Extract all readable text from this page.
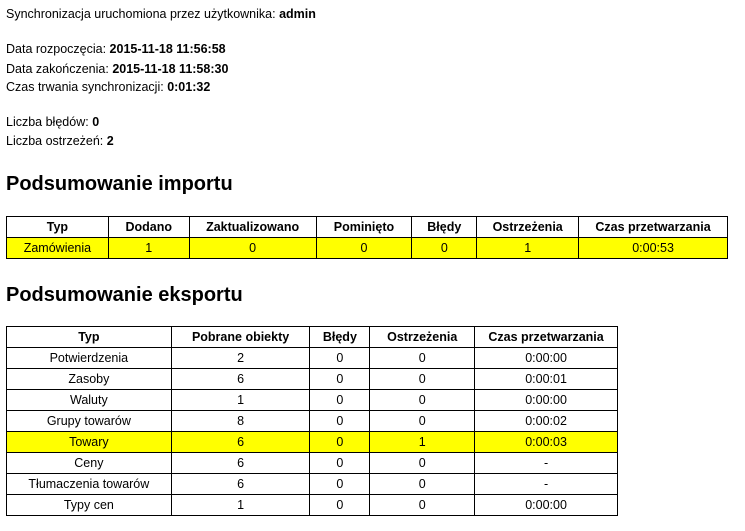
Synchronizacja uruchomiona przez użytkownika: admin
Data rozpoczęcia: 2015-11-18 11:56:58
Data zakończenia: 2015-11-18 11:58:30
Czas trwania synchronizacji: 0:01:32
Liczba błędów: 0
Liczba ostrzeżeń: 2
Podsumowanie importu
Typ	Dodano	Zaktualizowano	Pominięto	Błędy	Ostrzeżenia	Czas przetwarzania
Zamówienia	1	0	0	0	1	0:00:53
Podsumowanie eksportu
Typ	Pobrane obiekty	Błędy	Ostrzeżenia	Czas przetwarzania
Potwierdzenia	2	0	0	0:00:00
Zasoby	6	0	0	0:00:01
Waluty	1	0	0	0:00:00
Grupy towarów	8	0	0	0:00:02
Towary	6	0	1	0:00:03
Ceny	6	0	0	-
Tłumaczenia towarów	6	0	0	-
Typy cen	1	0	0	0:00:00
